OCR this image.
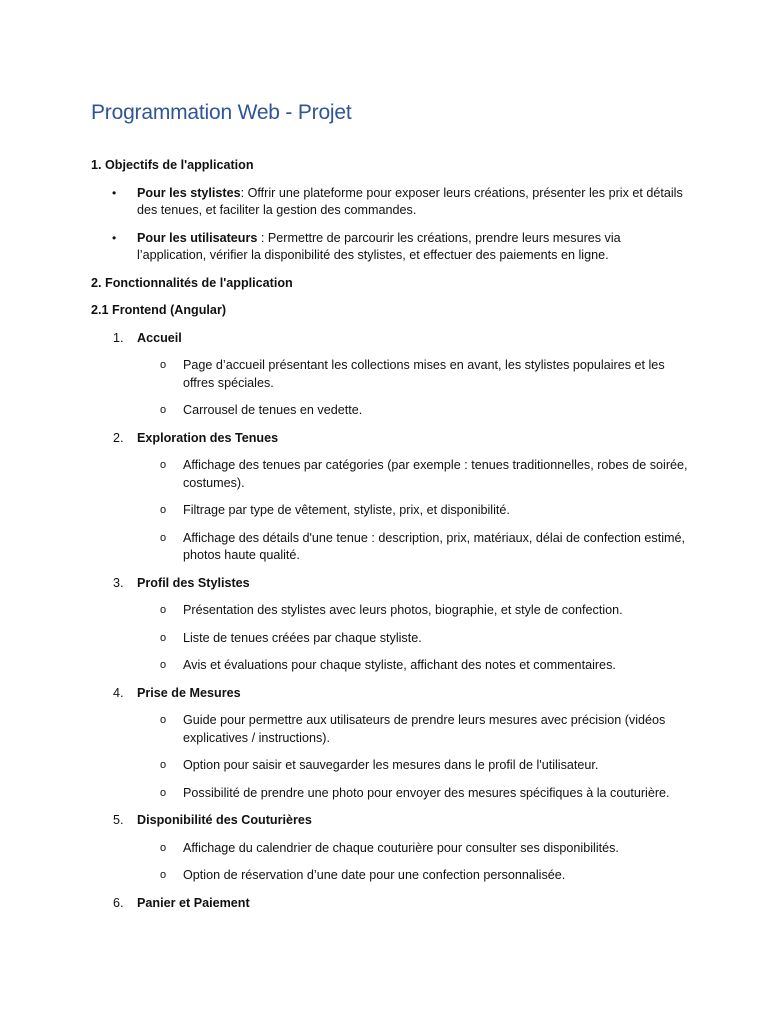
Programmation Web - Projet

1. Objectifs de l'application

• Pour les stylistes: Offrir une plateforme pour exposer leurs créations, présenter les prix et détails des tenues, et faciliter la gestion des commandes.

• Pour les utilisateurs : Permettre de parcourir les créations, prendre leurs mesures via l’application, vérifier la disponibilité des stylistes, et effectuer des paiements en ligne.

2. Fonctionnalités de l'application

2.1 Frontend (Angular)

1. Accueil

o Page d’accueil présentant les collections mises en avant, les stylistes populaires et les offres spéciales.

o Carrousel de tenues en vedette.

2. Exploration des Tenues

o Affichage des tenues par catégories (par exemple : tenues traditionnelles, robes de soirée, costumes).

o Filtrage par type de vêtement, styliste, prix, et disponibilité.

o Affichage des détails d'une tenue : description, prix, matériaux, délai de confection estimé, photos haute qualité.

3. Profil des Stylistes

o Présentation des stylistes avec leurs photos, biographie, et style de confection.

o Liste de tenues créées par chaque styliste.

o Avis et évaluations pour chaque styliste, affichant des notes et commentaires.

4. Prise de Mesures

o Guide pour permettre aux utilisateurs de prendre leurs mesures avec précision (vidéos explicatives / instructions).

o Option pour saisir et sauvegarder les mesures dans le profil de l'utilisateur.

o Possibilité de prendre une photo pour envoyer des mesures spécifiques à la couturière.

5. Disponibilité des Couturières

o Affichage du calendrier de chaque couturière pour consulter ses disponibilités.

o Option de réservation d’une date pour une confection personnalisée.

6. Panier et Paiement
